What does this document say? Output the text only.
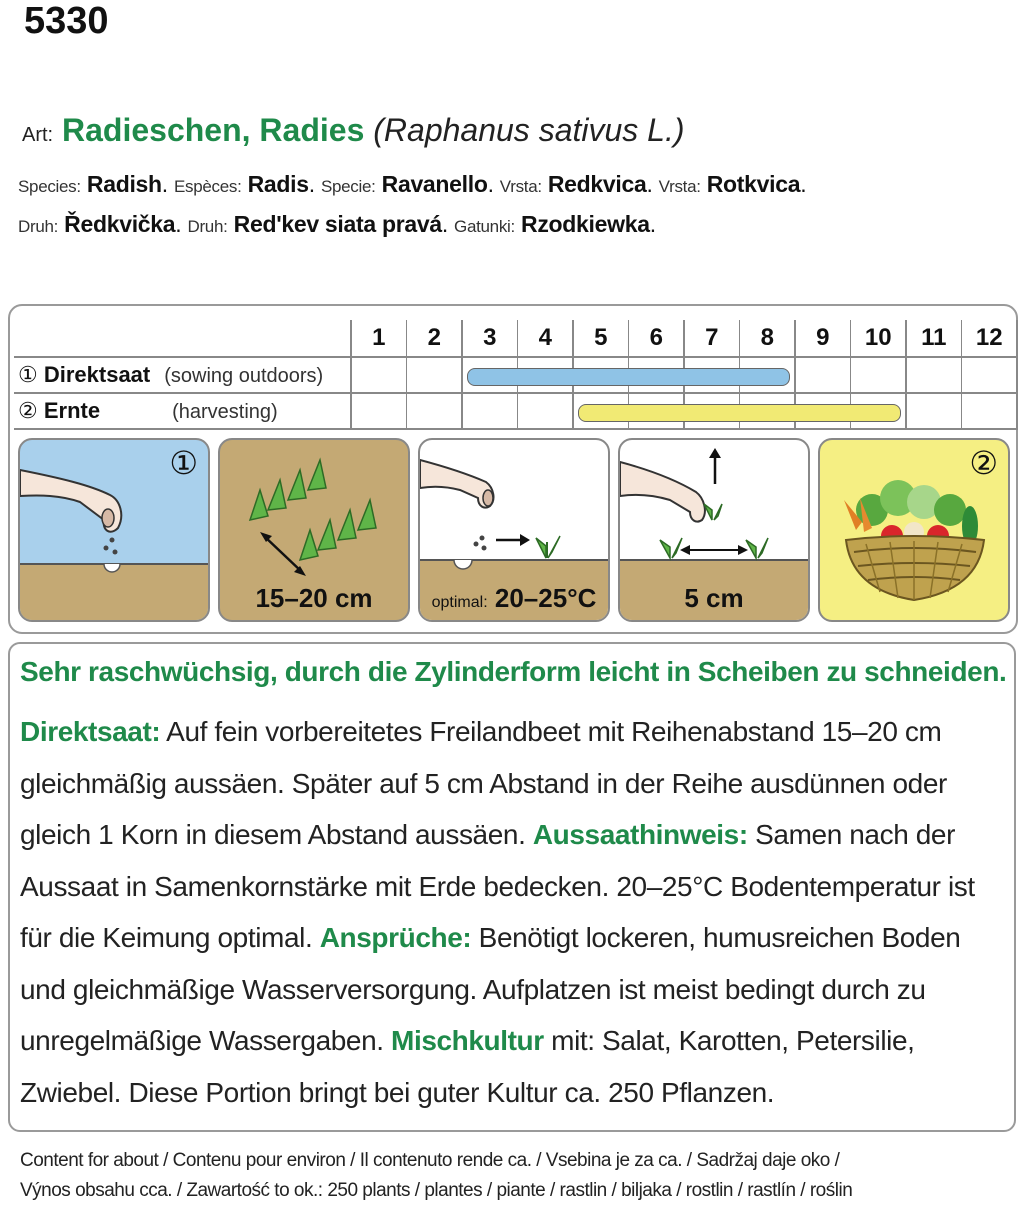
5330
Art: Radieschen, Radies (Raphanus sativus L.)
Species: Radish. Espèces: Radis. Specie: Ravanello. Vrsta: Redkvica. Vrsta: Rotkvica.
Druh: Ředkvička. Druh: Red'kev siata pravá. Gatunki: Rzodkiewka.
1	2	3	4	5	6	7	8	9	10	11	12
① Direktsaat (sowing outdoors)
② Ernte	(harvesting)
①
15–20 cm	optimal: 20–25°C	5 cm
②
Sehr raschwüchsig, durch die Zylinderform leicht in Scheiben zu schneiden.
Direktsaat: Auf fein vorbereitetes Freilandbeet mit Reihenabstand 15–20 cm gleichmäßig aussäen. Später auf 5 cm Abstand in der Reihe ausdünnen oder gleich 1 Korn in diesem Abstand aussäen. Aussaathinweis: Samen nach der Aussaat in Samenkornstärke mit Erde bedecken. 20–25°C Bodentemperatur ist für die Keimung optimal. Ansprüche: Benötigt lockeren, humusreichen Boden und gleichmäßige Wasserversorgung. Aufplatzen ist meist bedingt durch zu unregelmäßige Wassergaben. Mischkultur mit: Salat, Karotten, Petersilie, Zwiebel. Diese Portion bringt bei guter Kultur ca. 250 Pflanzen.
Content for about / Contenu pour environ / Il contenuto rende ca. / Vsebina je za ca. / Sadržaj daje oko /
Výnos obsahu cca. / Zawartość to ok.: 250 plants / plantes / piante / rastlin / biljaka / rostlin / rastlín / roślin
